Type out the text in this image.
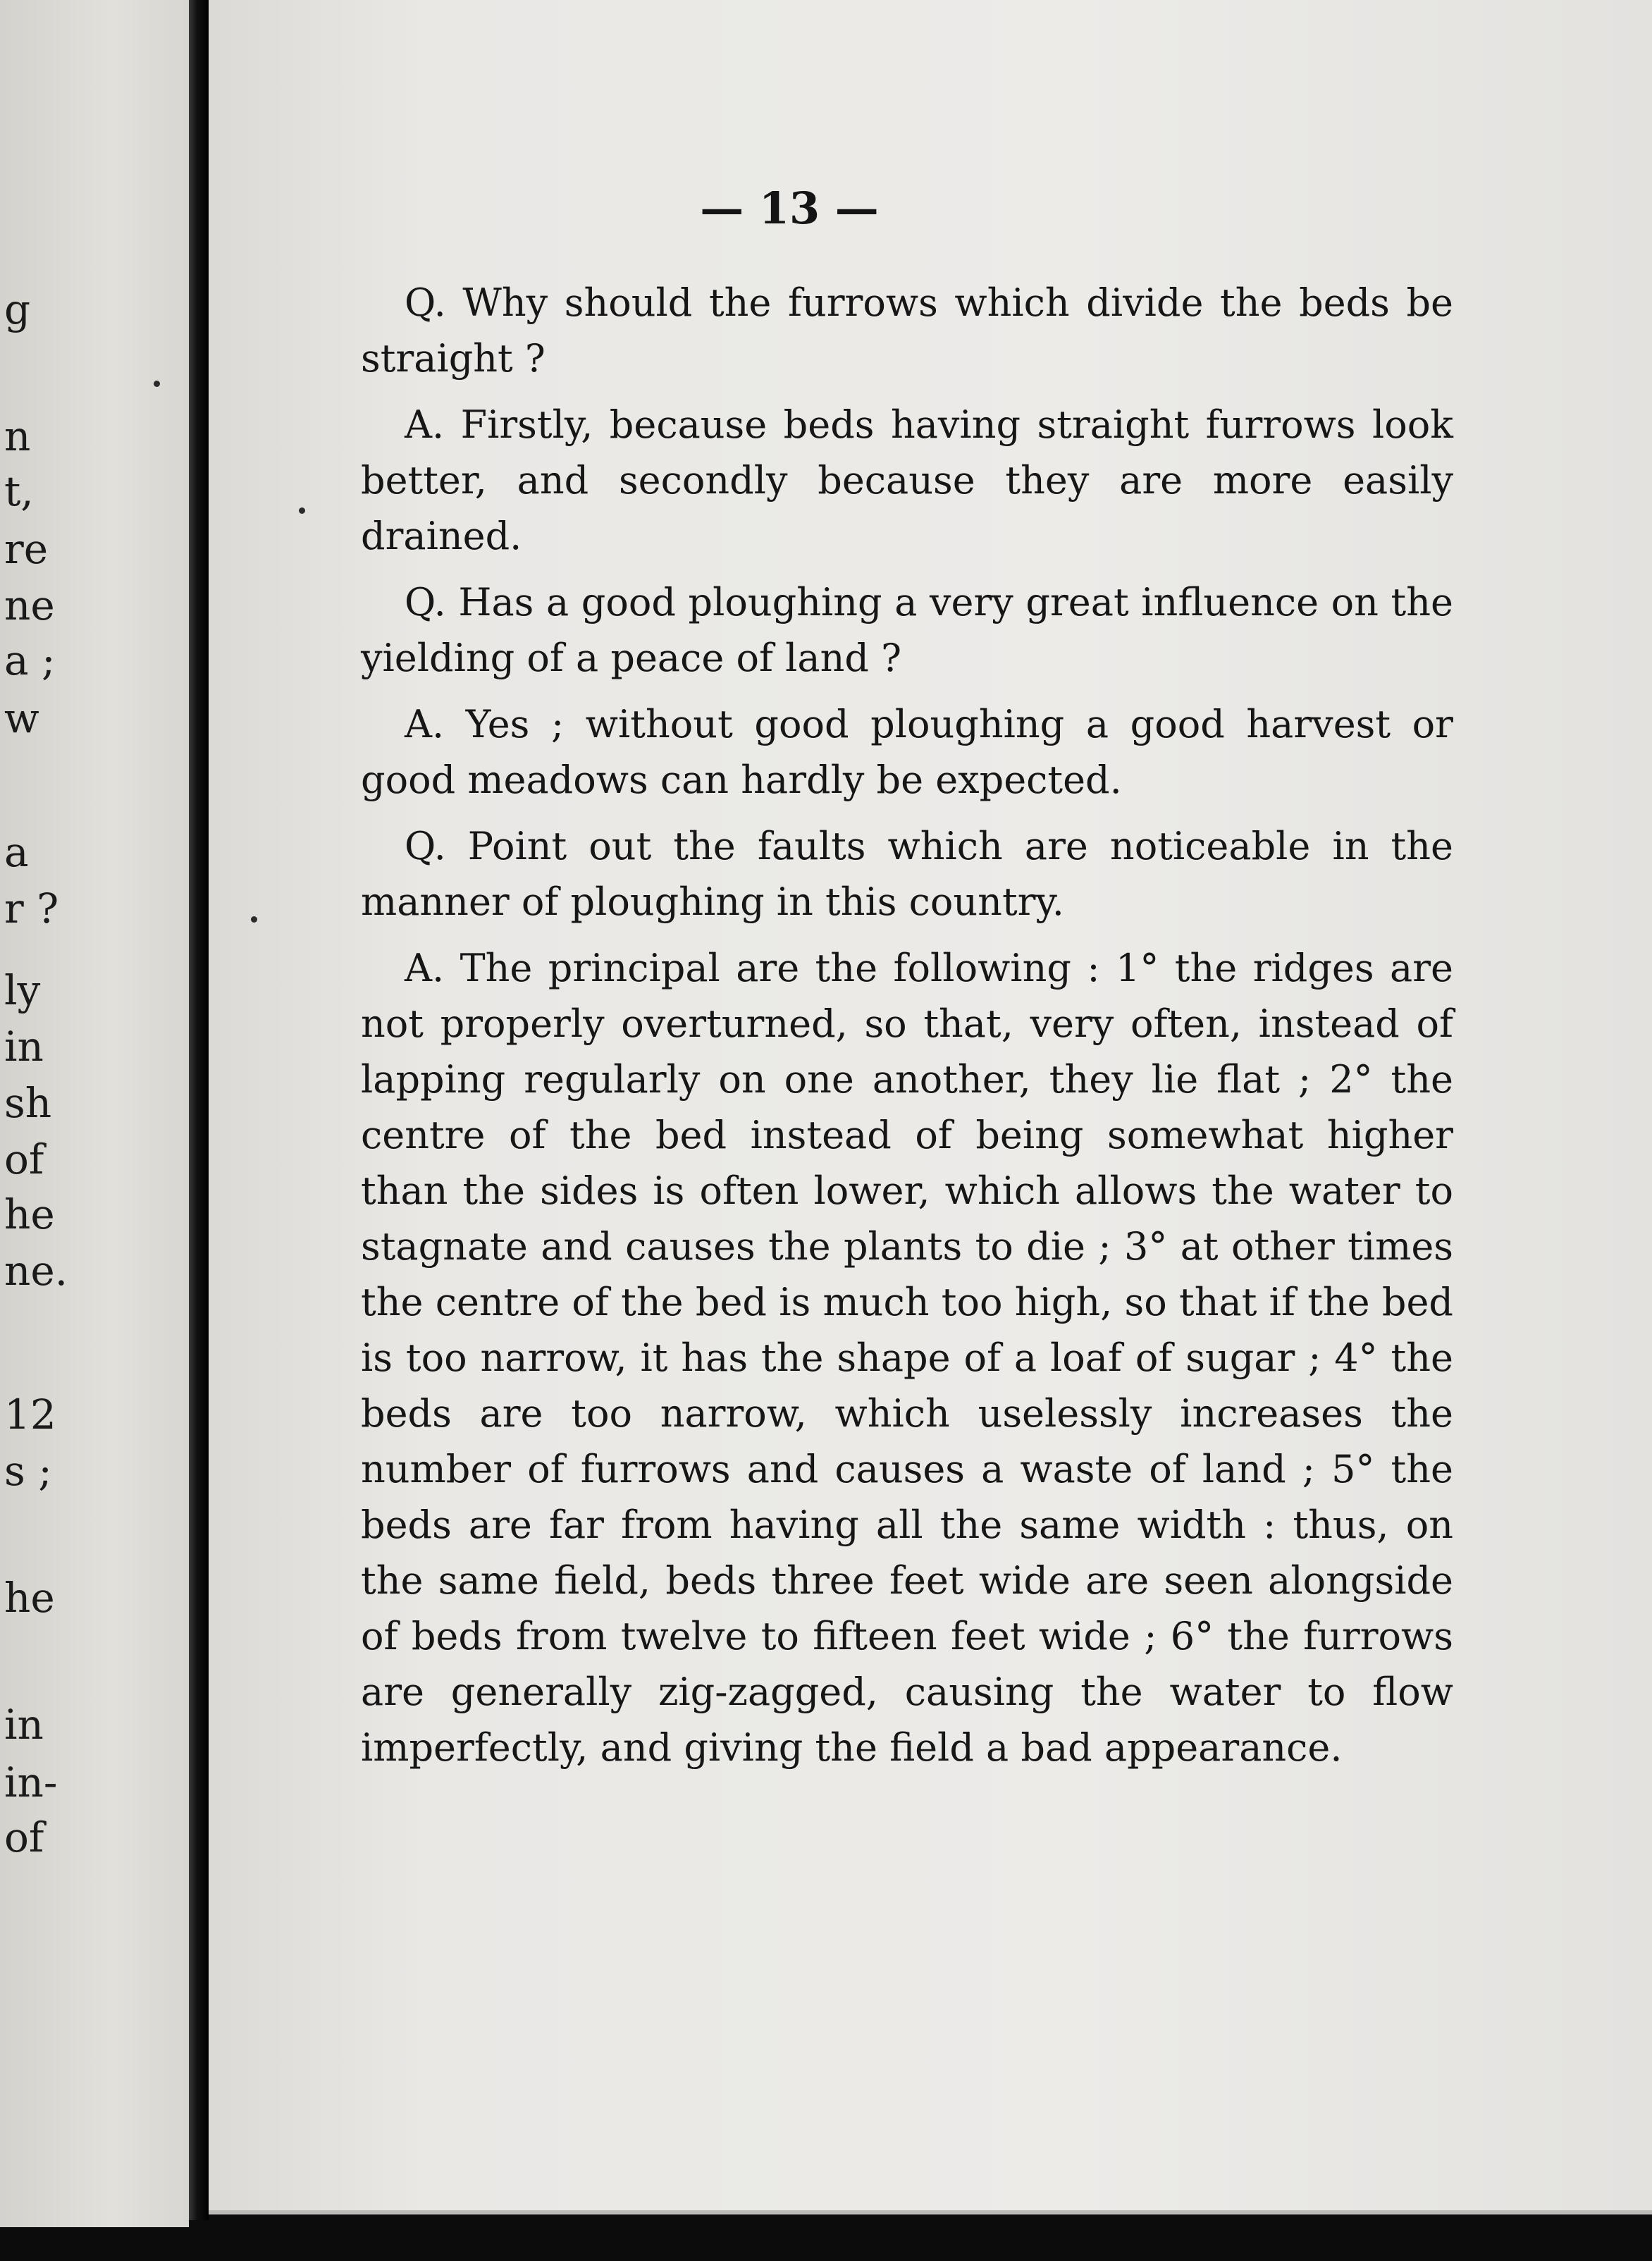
g
n
t,
re
ne
a ;
w
a
r ?
ly
in
sh
of
he
ne.
12
s ;
he
in
in-
of
— 13 —

Q. Why should the furrows which divide the beds be straight ?

A. Firstly, because beds having straight furrows look better, and secondly because they are more easily drained.

Q. Has a good ploughing a very great influence on the yielding of a peace of land ?

A. Yes ; without good ploughing a good harvest or good meadows can hardly be expected.

Q. Point out the faults which are noticeable in the manner of ploughing in this country.

A. The principal are the following : 1° the ridges are not properly overturned, so that, very often, instead of lapping regularly on one another, they lie flat ; 2° the centre of the bed instead of being somewhat higher than the sides is often lower, which allows the water to stagnate and causes the plants to die ; 3° at other times the centre of the bed is much too high, so that if the bed is too narrow, it has the shape of a loaf of sugar ; 4° the beds are too narrow, which uselessly increases the number of furrows and causes a waste of land ; 5° the beds are far from having all the same width : thus, on the same field, beds three feet wide are seen alongside of beds from twelve to fifteen feet wide ; 6° the furrows are generally zig-zagged, causing the water to flow imperfectly, and giving the field a bad appearance.
